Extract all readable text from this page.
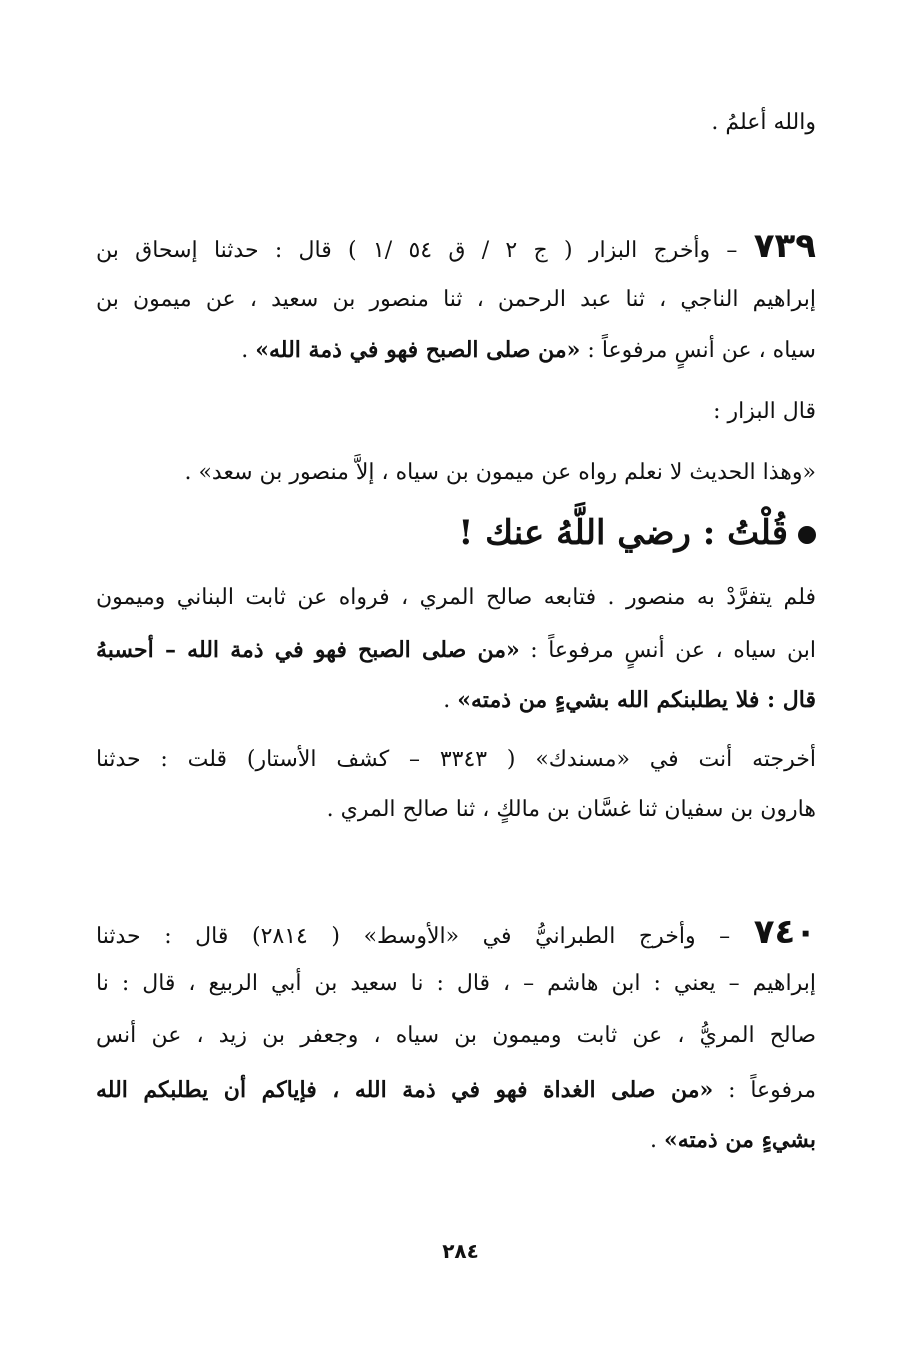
والله أعلمُ .
٧٣٩ – وأخرج البزار ( ج ٢ / ق ٥٤ /١ ) قال : حدثنا إسحاق بن
إبراهيم الناجي ، ثنا عبد الرحمن ، ثنا منصور بن سعيد ، عن ميمون بن
سياه ، عن أنسٍ مرفوعاً : «من صلى الصبح فهو في ذمة الله» .
قال البزار :
«وهذا الحديث لا نعلم رواه عن ميمون بن سياه ، إلاَّ منصور بن سعد» .
قُلْتُ : رضي اللَّهُ عنك !
فلم يتفرَّدْ به منصور . فتابعه صالح المري ، فرواه عن ثابت البناني وميمون
ابن سياه ، عن أنسٍ مرفوعاً : «من صلى الصبح فهو في ذمة الله – أحسبهُ
قال : فلا يطلبنكم الله بشيءٍ من ذمته» .
أخرجته أنت في «مسندك» ( ٣٣٤٣ – كشف الأستار) قلت : حدثنا
هارون بن سفيان ثنا غسَّان بن مالكٍ ، ثنا صالح المري .
٧٤٠ – وأخرج الطبرانيُّ في «الأوسط» ( ٢٨١٤) قال : حدثنا
إبراهيم – يعني : ابن هاشم – ، قال : نا سعيد بن أبي الربيع ، قال : نا
صالح المريُّ ، عن ثابت وميمون بن سياه ، وجعفر بن زيد ، عن أنس
مرفوعاً : «من صلى الغداة فهو في ذمة الله ، فإياكم أن يطلبكم الله
بشيءٍ من ذمته» .
٢٨٤
